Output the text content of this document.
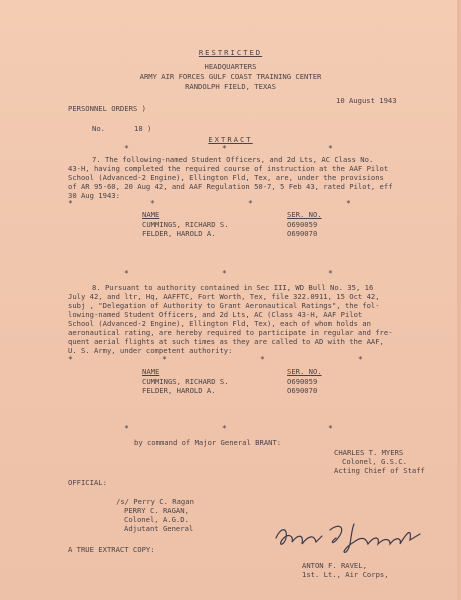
RESTRICTED
HEADQUARTERS
ARMY AIR FORCES GULF COAST TRAINING CENTER
RANDOLPH FIELD, TEXAS
10 August 1943
PERSONNEL ORDERS )
No.	18 )
EXTRACT
*	*	*
7. The following-named Student Officers, and 2d Lts, AC Class No.
43-H, having completed the required course of instruction at the AAF Pilot
School (Advanced-2 Engine), Ellington Fld, Tex, are, under the provisions
of AR 95-60, 20 Aug 42, and AAF Regulation 50-7, 5 Feb 43, rated Pilot, eff
30 Aug 1943:
*	*	*	*
NAME	SER. NO.
CUMMINGS, RICHARD S.	O690059
FELDER, HAROLD A.	O690070
*	*	*
8. Pursuant to authority contained in Sec III, WD Bull No. 35, 16
July 42, and ltr, Hq, AAFFTC, Fort Worth, Tex, file 322.0911, 15 Oct 42,
subj , "Delegation of Authority to Grant Aeronautical Ratings", the fol-
lowing-named Student Officers, and 2d Lts, AC (Class 43-H, AAF Pilot
School (Advanced-2 Engine), Ellington Fld, Tex), each of whom holds an
aeronautical rating, are hereby required to participate in regular and fre-
quent aerial flights at such times as they are called to AD with the AAF,
U. S. Army, under competent authority:
*	*	*	*
NAME	SER. NO.
CUMMINGS, RICHARD S.	O690059
FELDER, HAROLD A.	O690070
*	*	*
by command of Major General BRANT:
CHARLES T. MYERS
Colonel, G.S.C.
Acting Chief of Staff
OFFICIAL:
/s/ Perry C. Ragan
PERRY C. RAGAN,
Colonel, A.G.D.
Adjutant General
A TRUE EXTRACT COPY:
ANTON F. RAVEL,
1st. Lt., Air Corps,
